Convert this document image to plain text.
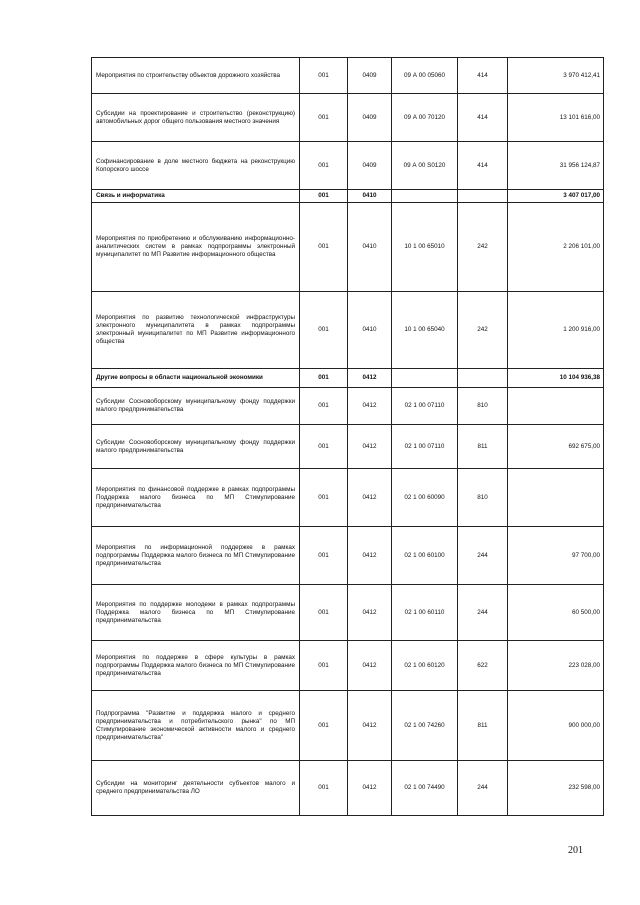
Мероприятия по строительству объектов дорожного хозяйства	001	0409	09 А 00 05060	414	3 970 412,41
Субсидии на проектирование и строительство (реконструкцию) автомобильных дорог общего пользования местного значения	001	0409	09 А 00 70120	414	13 101 616,00
Софинансирование в доле местного бюджета на реконструкцию Копорского шоссе	001	0409	09 А 00 S0120	414	31 956 124,87
Связь и информатика	001	0410			3 407 017,00
Мероприятия по приобретению и обслуживанию информационно-аналитических систем в рамках подпрограммы электронный муниципалитет по МП Развитие информационного общества	001	0410	10 1 00 65010	242	2 206 101,00
Мероприятия по развитию технологической инфраструктуры электронного муниципалитета в рамках подпрограммы электронный муниципалитет по МП Развитие информационного общества	001	0410	10 1 00 65040	242	1 200 916,00
Другие вопросы в области национальной экономики	001	0412			10 104 936,38
Субсидии Сосновоборскому муниципальному фонду поддержки малого предпринимательства	001	0412	02 1 00 07110	810	
Субсидии Сосновоборскому муниципальному фонду поддержки малого предпринимательства	001	0412	02 1 00 07110	811	692 675,00
Мероприятия по финансовой поддержке в рамках подпрограммы Поддержка малого бизнеса по МП Стимулирование предпринимательства	001	0412	02 1 00 60090	810	
Мероприятия по информационной поддержке в рамках подпрограммы Поддержка малого бизнеса по МП Стимулирование предпринимательства	001	0412	02 1 00 60100	244	97 700,00
Мероприятия по поддержке молодежи в рамках подпрограммы Поддержка малого бизнеса по МП Стимулирование предпринимательства	001	0412	02 1 00 60110	244	60 500,00
Мероприятия по поддержке в сфере культуры в рамках подпрограммы Поддержка малого бизнеса по МП Стимулирование предпринимательства	001	0412	02 1 00 60120	622	223 028,00
Подпрограмма "Развитие и поддержка малого и среднего предпринимательства и потребительского рынка" по МП Стимулирование экономической активности малого и среднего предпринимательства"	001	0412	02 1 00 74260	811	900 000,00
Субсидии на мониторинг деятельности субъектов малого и среднего предпринимательства ЛО	001	0412	02 1 00 74490	244	232 598,00
201
